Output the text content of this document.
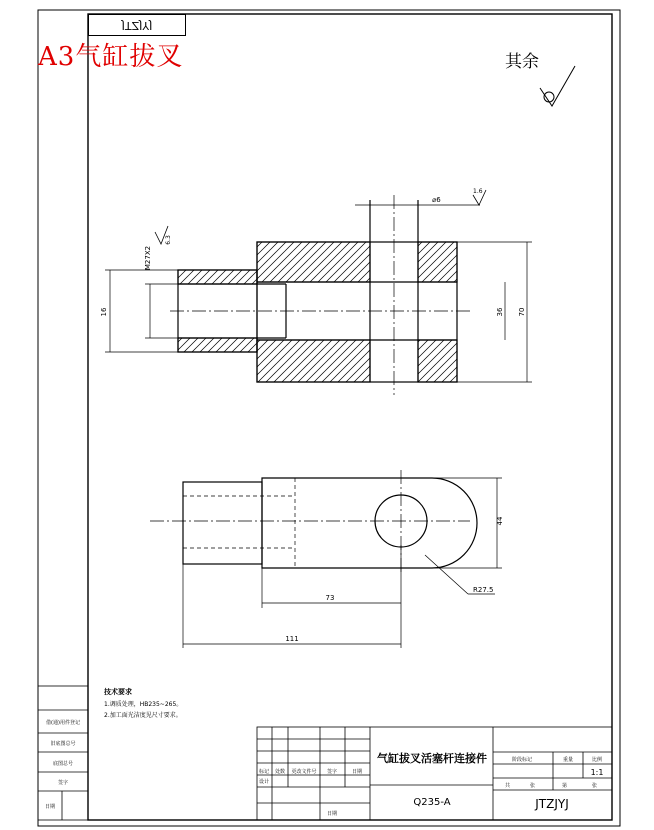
M27X2
6.3
16	36 70
⌀6
1.6
44
R27.5
73
111
技术要求
1.调质处理，HB235~265。
2.加工面光洁度见尺寸要求。
借(通)用件登记
旧底图总号
底图总号
签字
日期
气缸拔叉活塞杆连接件
Q235-A	JTZJYJ
1:1
标记 处数 更改文件号 签字	日期
设计
日期
阶段标记	重量	比例
共	张	第	张
JTZJYJ
A3气缸拔叉	其余
